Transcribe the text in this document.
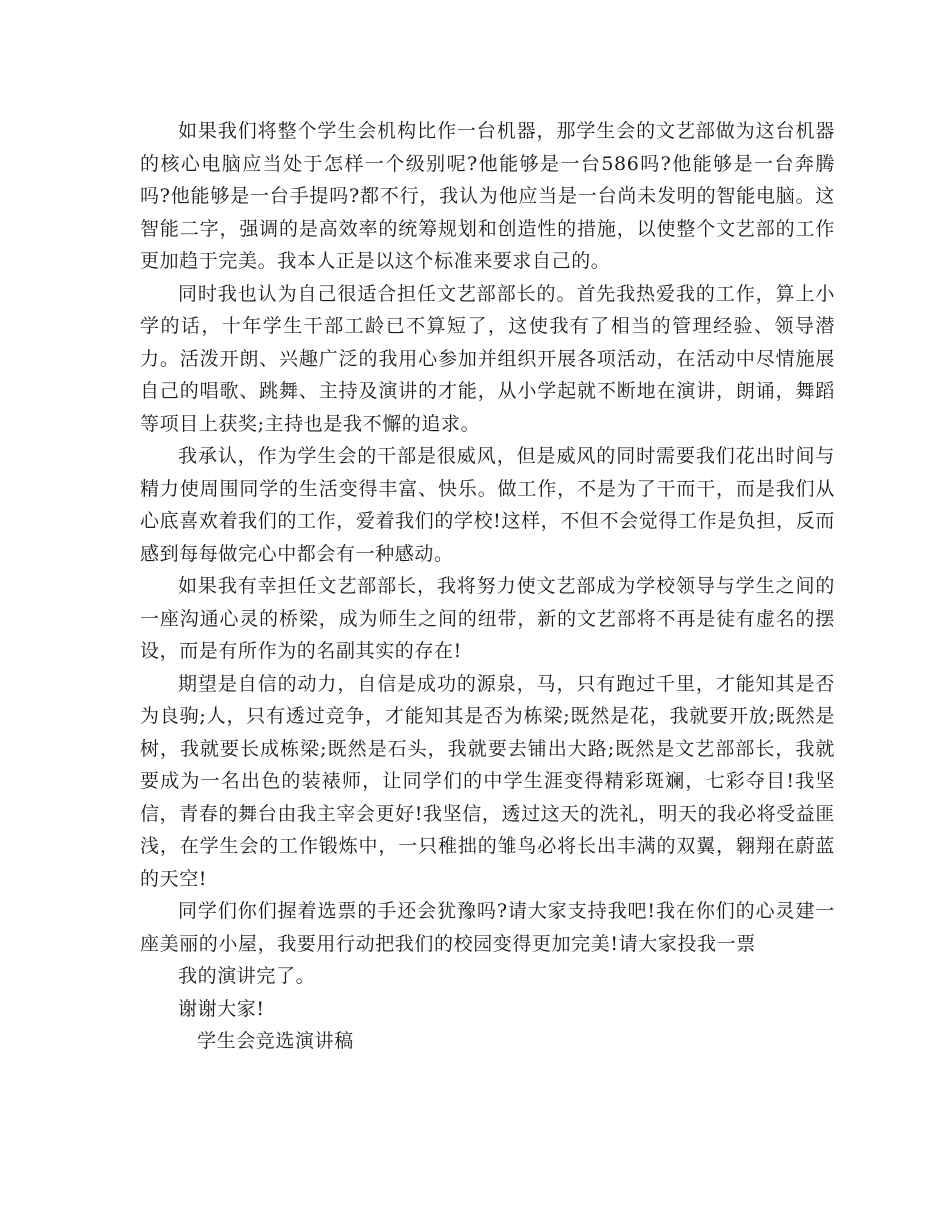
如果我们将整个学生会机构比作一台机器，那学生会的文艺部做为这台机器的核心电脑应当处于怎样一个级别呢?他能够是一台586吗?他能够是一台奔腾吗?他能够是一台手提吗?都不行，我认为他应当是一台尚未发明的智能电脑。这智能二字，强调的是高效率的统筹规划和创造性的措施，以使整个文艺部的工作更加趋于完美。我本人正是以这个标准来要求自己的。

同时我也认为自己很适合担任文艺部部长的。首先我热爱我的工作，算上小学的话，十年学生干部工龄已不算短了，这使我有了相当的管理经验、领导潜力。活泼开朗、兴趣广泛的我用心参加并组织开展各项活动，在活动中尽情施展自己的唱歌、跳舞、主持及演讲的才能，从小学起就不断地在演讲，朗诵，舞蹈等项目上获奖;主持也是我不懈的追求。

我承认，作为学生会的干部是很威风，但是威风的同时需要我们花出时间与精力使周围同学的生活变得丰富、快乐。做工作，不是为了干而干，而是我们从心底喜欢着我们的工作，爱着我们的学校!这样，不但不会觉得工作是负担，反而感到每每做完心中都会有一种感动。

如果我有幸担任文艺部部长，我将努力使文艺部成为学校领导与学生之间的一座沟通心灵的桥梁，成为师生之间的纽带，新的文艺部将不再是徒有虚名的摆设，而是有所作为的名副其实的存在!

期望是自信的动力，自信是成功的源泉，马，只有跑过千里，才能知其是否为良驹;人，只有透过竞争，才能知其是否为栋梁;既然是花，我就要开放;既然是树，我就要长成栋梁;既然是石头，我就要去铺出大路;既然是文艺部部长，我就要成为一名出色的装裱师，让同学们的中学生涯变得精彩斑斓，七彩夺目!我坚信，青春的舞台由我主宰会更好!我坚信，透过这天的洗礼，明天的我必将受益匪浅，在学生会的工作锻炼中，一只稚拙的雏鸟必将长出丰满的双翼，翱翔在蔚蓝的天空!

同学们你们握着选票的手还会犹豫吗?请大家支持我吧!我在你们的心灵建一座美丽的小屋，我要用行动把我们的校园变得更加完美!请大家投我一票

我的演讲完了。

谢谢大家!

学生会竞选演讲稿
